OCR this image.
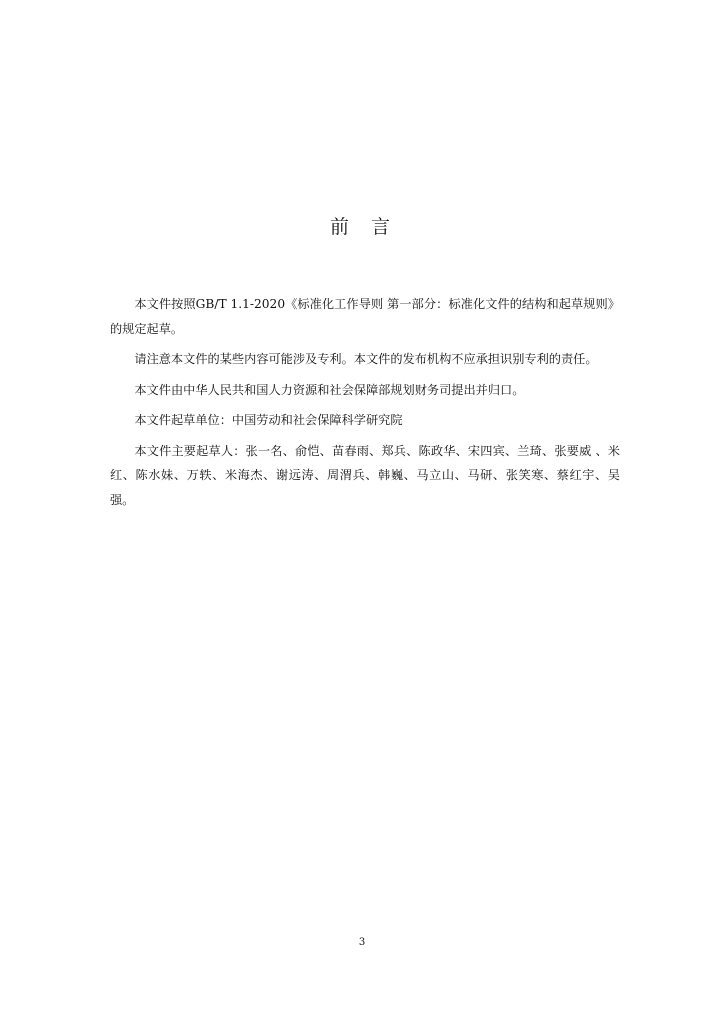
前言

本文件按照GB/T 1.1-2020《标准化工作导则 第一部分：标准化文件的结构和起草规则》的规定起草。

请注意本文件的某些内容可能涉及专利。本文件的发布机构不应承担识别专利的责任。

本文件由中华人民共和国人力资源和社会保障部规划财务司提出并归口。

本文件起草单位：中国劳动和社会保障科学研究院

本文件主要起草人：张一名、俞恺、苗春雨、郑兵、陈政华、宋四宾、兰琦、张要威 、米红、陈水妹、万轶、米海杰、谢远涛、周渭兵、韩巍、马立山、马研、张笑寒、蔡红宇、吴强。

3
